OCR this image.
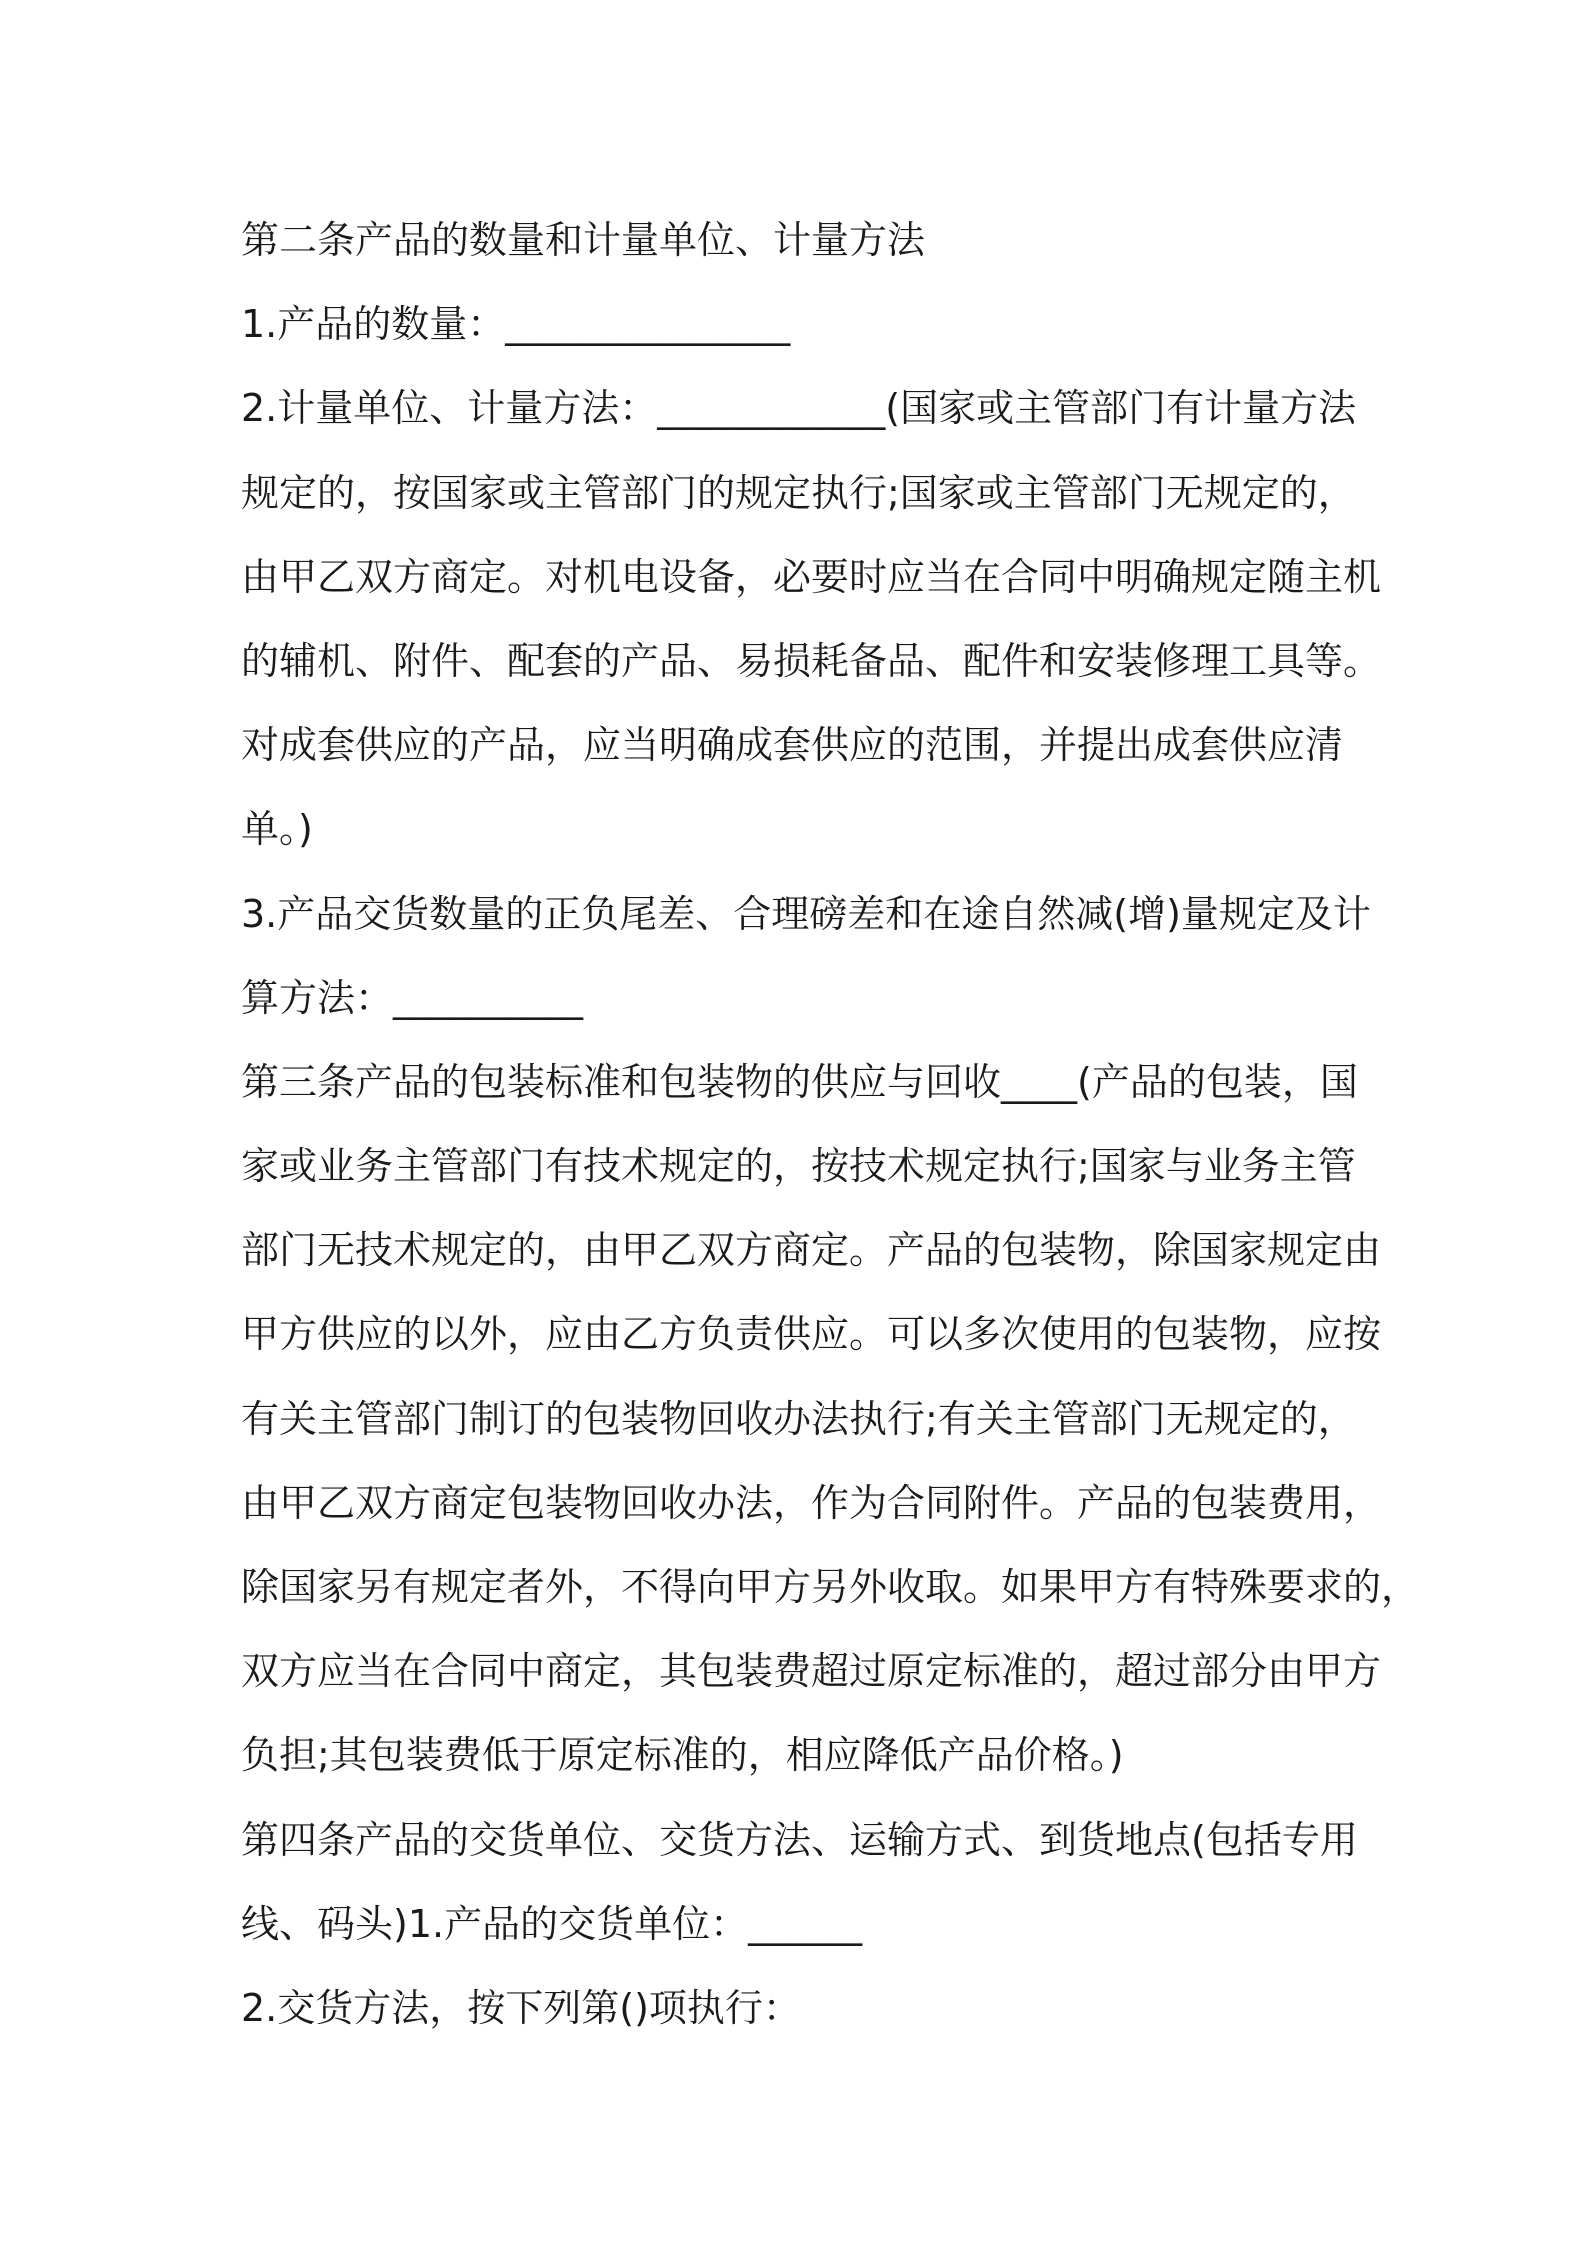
第二条产品的数量和计量单位、计量方法
1.产品的数量：_______________
2.计量单位、计量方法：____________(国家或主管部门有计量方法
规定的，按国家或主管部门的规定执行;国家或主管部门无规定的，
由甲乙双方商定。对机电设备，必要时应当在合同中明确规定随主机
的辅机、附件、配套的产品、易损耗备品、配件和安装修理工具等。
对成套供应的产品，应当明确成套供应的范围，并提出成套供应清
单。)
3.产品交货数量的正负尾差、合理磅差和在途自然减(增)量规定及计
算方法：__________
第三条产品的包装标准和包装物的供应与回收____(产品的包装，国
家或业务主管部门有技术规定的，按技术规定执行;国家与业务主管
部门无技术规定的，由甲乙双方商定。产品的包装物，除国家规定由
甲方供应的以外，应由乙方负责供应。可以多次使用的包装物，应按
有关主管部门制订的包装物回收办法执行;有关主管部门无规定的，
由甲乙双方商定包装物回收办法，作为合同附件。产品的包装费用，
除国家另有规定者外，不得向甲方另外收取。如果甲方有特殊要求的，
双方应当在合同中商定，其包装费超过原定标准的，超过部分由甲方
负担;其包装费低于原定标准的，相应降低产品价格。)
第四条产品的交货单位、交货方法、运输方式、到货地点(包括专用
线、码头)1.产品的交货单位：______
2.交货方法，按下列第()项执行：
